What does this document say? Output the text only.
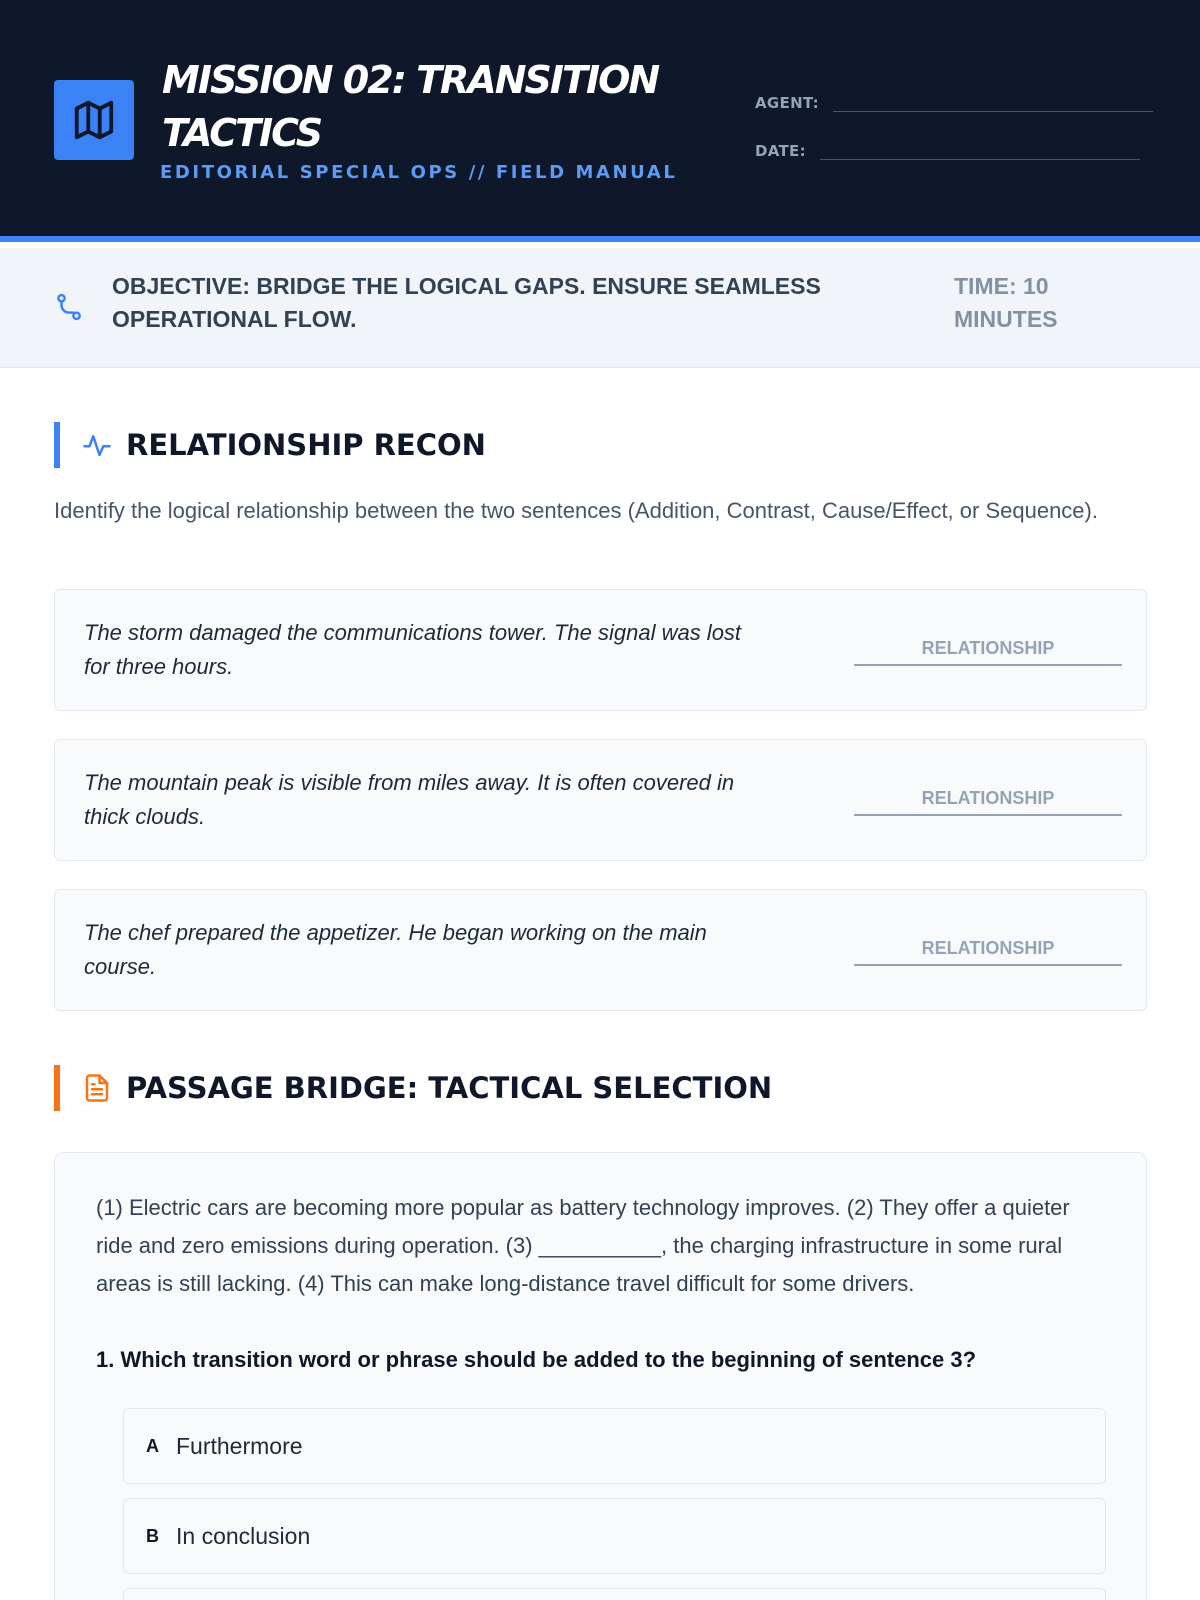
MISSION 02: TRANSITION TACTICS
EDITORIAL SPECIAL OPS // FIELD MANUAL
AGENT:
DATE:
OBJECTIVE: BRIDGE THE LOGICAL GAPS. ENSURE SEAMLESS OPERATIONAL FLOW.
TIME: 10 MINUTES
RELATIONSHIP RECON
Identify the logical relationship between the two sentences (Addition, Contrast, Cause/Effect, or Sequence).
The storm damaged the communications tower. The signal was lost for three hours.
RELATIONSHIP
The mountain peak is visible from miles away. It is often covered in thick clouds.
RELATIONSHIP
The chef prepared the appetizer. He began working on the main course.
RELATIONSHIP
PASSAGE BRIDGE: TACTICAL SELECTION
(1) Electric cars are becoming more popular as battery technology improves. (2) They offer a quieter ride and zero emissions during operation. (3) __________, the charging infrastructure in some rural areas is still lacking. (4) This can make long-distance travel difficult for some drivers.
1. Which transition word or phrase should be added to the beginning of sentence 3?
A Furthermore
B In conclusion
